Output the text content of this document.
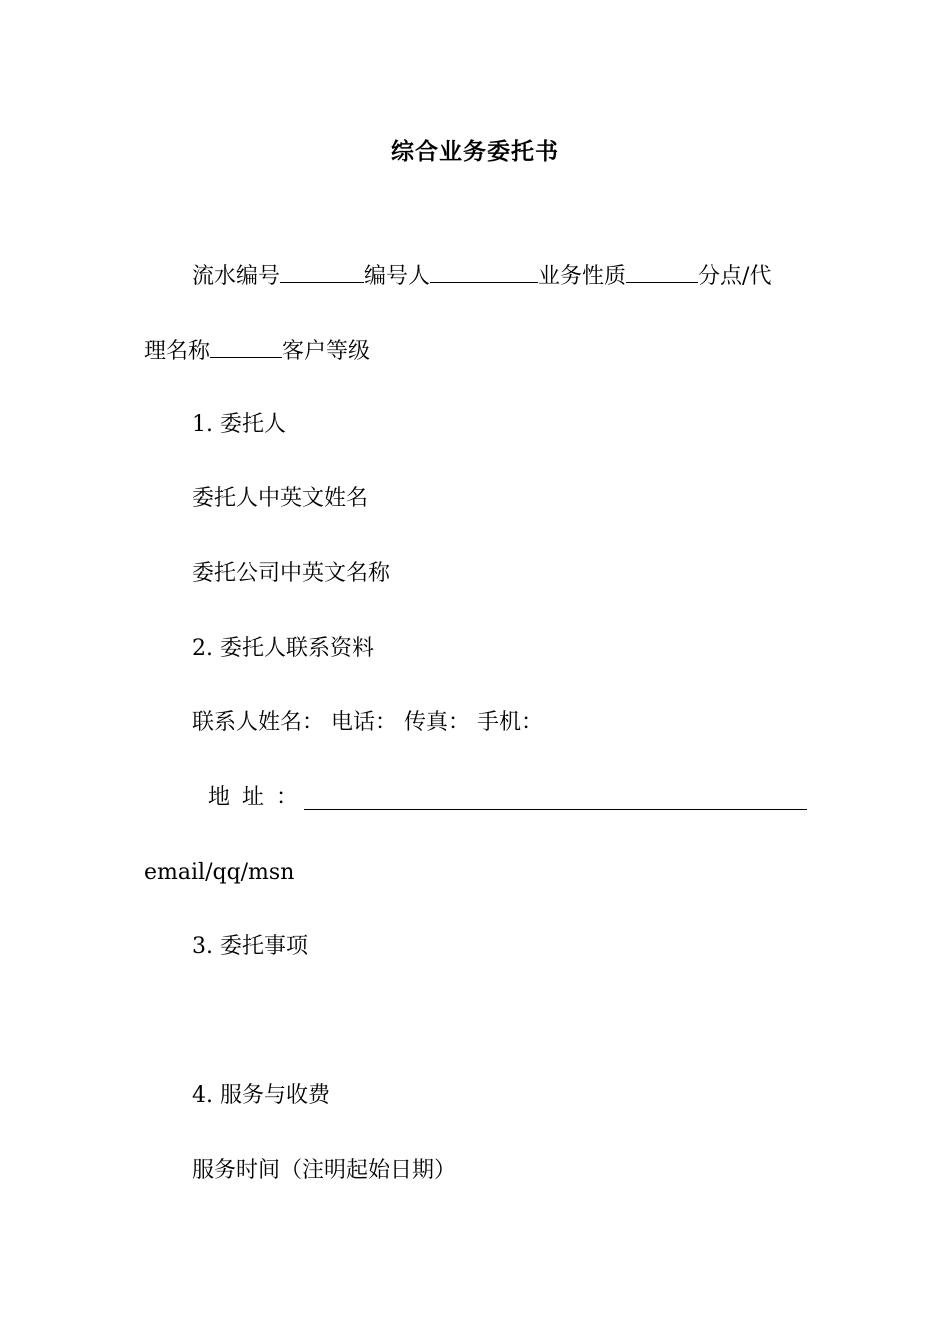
综合业务委托书
流水编号	编号人	业务性质	分点/代
理名称	客户等级
1. 委托人
委托人中英文姓名
委托公司中英文名称
2. 委托人联系资料
联系人姓名： 电话： 传真： 手机：
地址：
email/qq/msn
3. 委托事项
4. 服务与收费
服务时间（注明起始日期）
